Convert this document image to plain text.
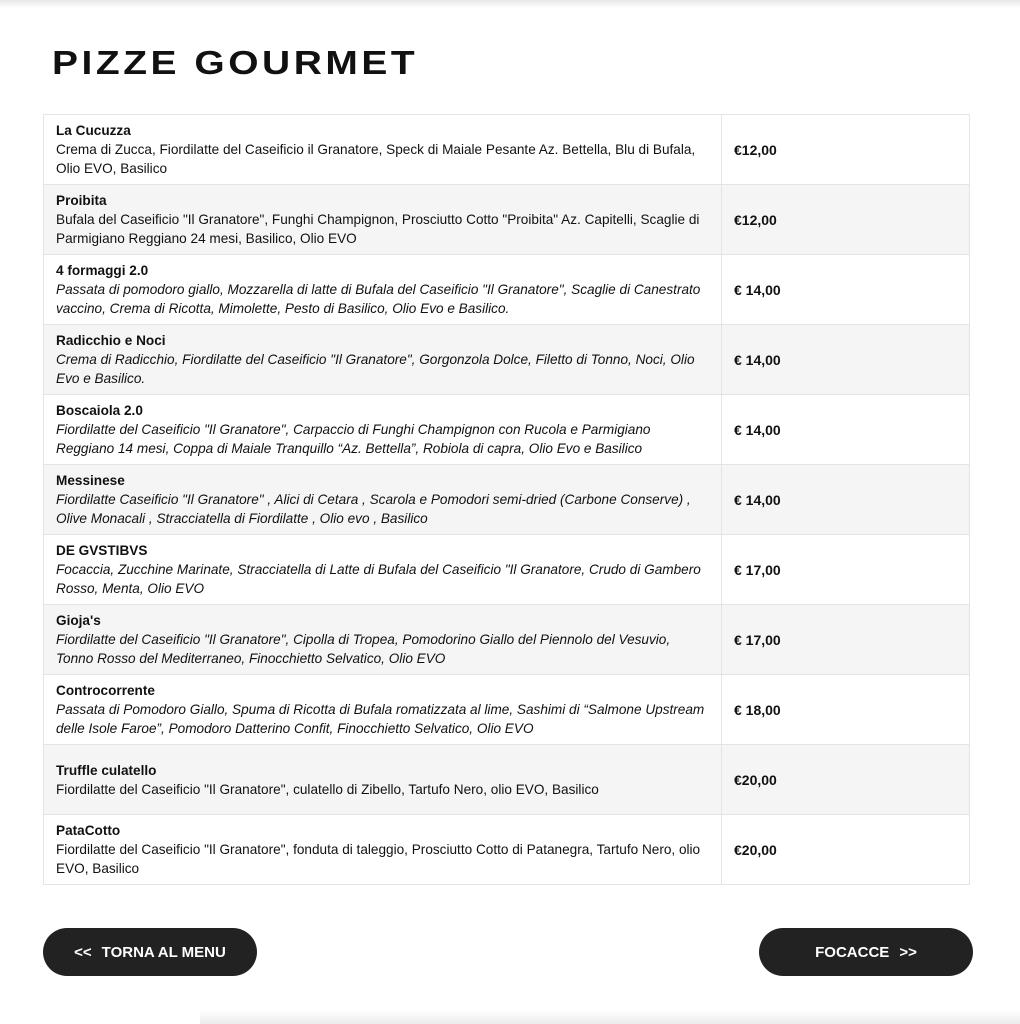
PIZZE GOURMET
La Cucuzza
Crema di Zucca, Fiordilatte del Caseificio il Granatore, Speck di Maiale Pesante Az. Bettella, Blu di Bufala, Olio EVO, Basilico	€12,00

Proibita
Bufala del Caseificio "Il Granatore", Funghi Champignon, Prosciutto Cotto "Proibita" Az. Capitelli, Scaglie di Parmigiano Reggiano 24 mesi, Basilico, Olio EVO	€12,00

4 formaggi 2.0
Passata di pomodoro giallo, Mozzarella di latte di Bufala del Caseificio "Il Granatore", Scaglie di Canestrato vaccino, Crema di Ricotta, Mimolette, Pesto di Basilico, Olio Evo e Basilico.	€ 14,00

Radicchio e Noci
Crema di Radicchio, Fiordilatte del Caseificio "Il Granatore", Gorgonzola Dolce, Filetto di Tonno, Noci, Olio Evo e Basilico.	€ 14,00

Boscaiola 2.0
Fiordilatte del Caseificio "Il Granatore", Carpaccio di Funghi Champignon con Rucola e Parmigiano Reggiano 14 mesi, Coppa di Maiale Tranquillo “Az. Bettella”, Robiola di capra, Olio Evo e Basilico	€ 14,00

Messinese
Fiordilatte Caseificio "Il Granatore" , Alici di Cetara , Scarola e Pomodori semi-dried (Carbone Conserve) , Olive Monacali , Stracciatella di Fiordilatte , Olio evo , Basilico	€ 14,00

DE GVSTIBVS
Focaccia, Zucchine Marinate, Stracciatella di Latte di Bufala del Caseificio "Il Granatore, Crudo di Gambero Rosso, Menta, Olio EVO	€ 17,00

Gioja's
Fiordilatte del Caseificio "Il Granatore", Cipolla di Tropea, Pomodorino Giallo del Piennolo del Vesuvio, Tonno Rosso del Mediterraneo, Finocchietto Selvatico, Olio EVO	€ 17,00

Controcorrente
Passata di Pomodoro Giallo, Spuma di Ricotta di Bufala romatizzata al lime, Sashimi di “Salmone Upstream delle Isole Faroe”, Pomodoro Datterino Confit, Finocchietto Selvatico, Olio EVO	€ 18,00

Truffle culatello
Fiordilatte del Caseificio "Il Granatore", culatello di Zibello, Tartufo Nero, olio EVO, Basilico	€20,00

PataCotto
Fiordilatte del Caseificio "Il Granatore", fonduta di taleggio, Prosciutto Cotto di Patanegra, Tartufo Nero, olio EVO, Basilico	€20,00
<< TORNA AL MENU	FOCACCE >>
